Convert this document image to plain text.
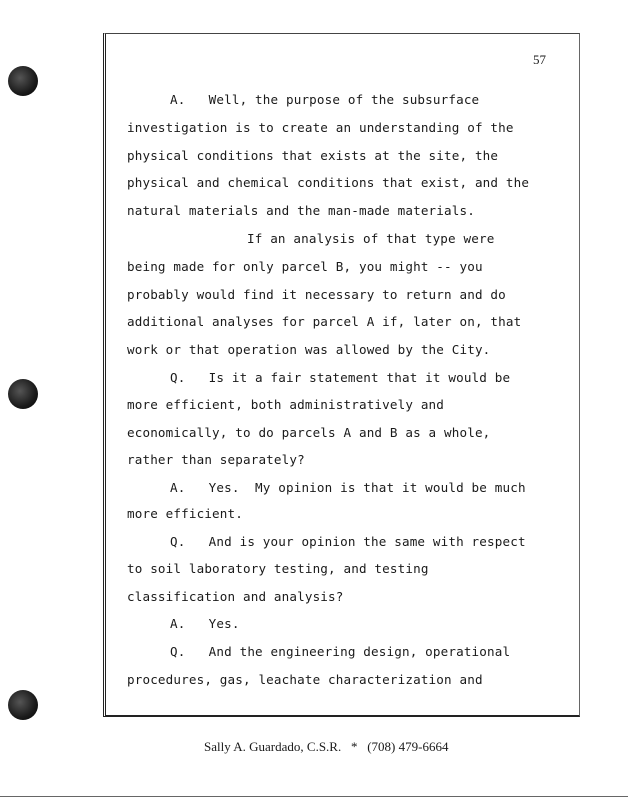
57
A.   Well, the purpose of the subsurface
investigation is to create an understanding of the
physical conditions that exists at the site, the
physical and chemical conditions that exist, and the
natural materials and the man-made materials.
If an analysis of that type were
being made for only parcel B, you might -- you
probably would find it necessary to return and do
additional analyses for parcel A if, later on, that
work or that operation was allowed by the City.
Q.   Is it a fair statement that it would be
more efficient, both administratively and
economically, to do parcels A and B as a whole,
rather than separately?
A.   Yes.  My opinion is that it would be much
more efficient.
Q.   And is your opinion the same with respect
to soil laboratory testing, and testing
classification and analysis?
A.   Yes.
Q.   And the engineering design, operational
procedures, gas, leachate characterization and
Sally A. Guardado, C.S.R.   *   (708) 479-6664
